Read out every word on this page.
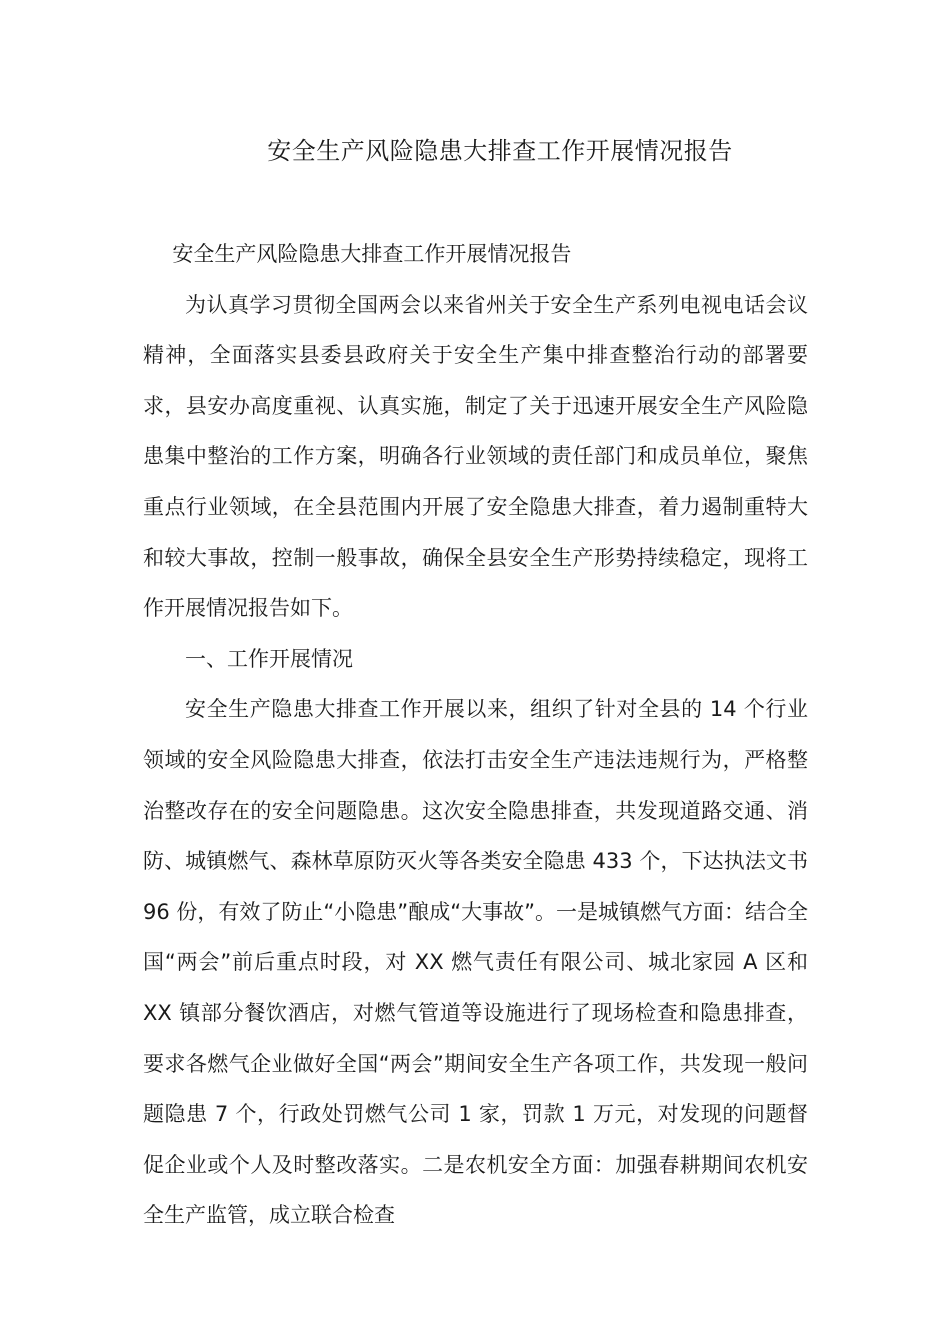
安全生产风险隐患大排查工作开展情况报告

安全生产风险隐患大排查工作开展情况报告

为认真学习贯彻全国两会以来省州关于安全生产系列电视电话会议精神，全面落实县委县政府关于安全生产集中排查整治行动的部署要求，县安办高度重视、认真实施，制定了关于迅速开展安全生产风险隐患集中整治的工作方案，明确各行业领域的责任部门和成员单位，聚焦重点行业领域，在全县范围内开展了安全隐患大排查，着力遏制重特大和较大事故，控制一般事故，确保全县安全生产形势持续稳定，现将工作开展情况报告如下。

一、工作开展情况

安全生产隐患大排查工作开展以来，组织了针对全县的 14 个行业领域的安全风险隐患大排查，依法打击安全生产违法违规行为，严格整治整改存在的安全问题隐患。这次安全隐患排查，共发现道路交通、消防、城镇燃气、森林草原防灭火等各类安全隐患 433 个，下达执法文书 96 份，有效了防止“小隐患”酿成“大事故”。一是城镇燃气方面：结合全国“两会”前后重点时段，对 XX 燃气责任有限公司、城北家园 A 区和 XX 镇部分餐饮酒店，对燃气管道等设施进行了现场检查和隐患排查，要求各燃气企业做好全国“两会”期间安全生产各项工作，共发现一般问题隐患 7 个，行政处罚燃气公司 1 家，罚款 1 万元，对发现的问题督促企业或个人及时整改落实。二是农机安全方面：加强春耕期间农机安全生产监管，成立联合检查
